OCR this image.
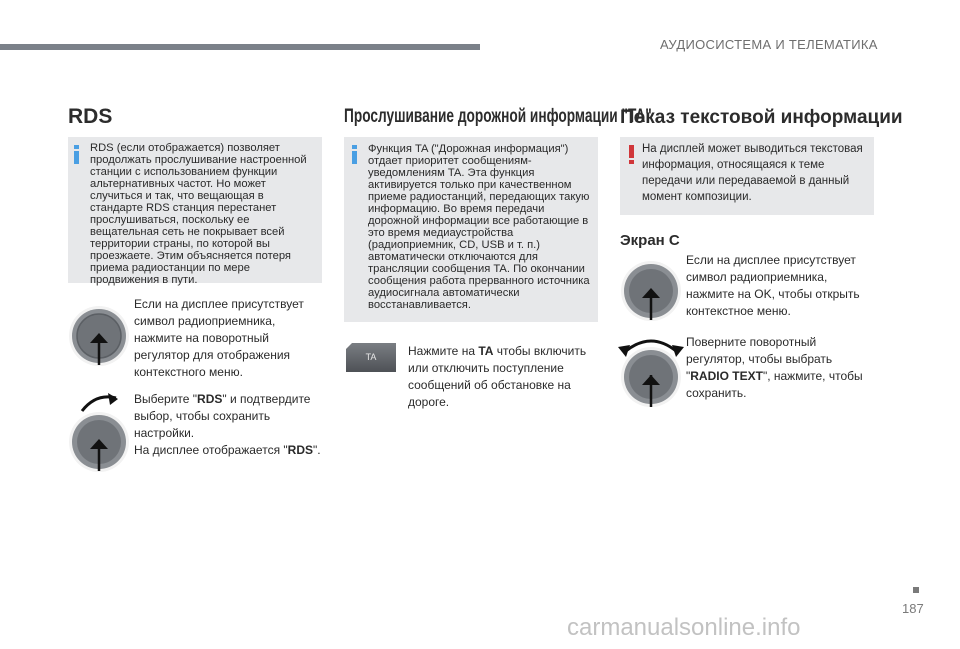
АУДИОСИСТЕМА И ТЕЛЕМАТИКА
RDS
RDS (если отображается) позволяет продолжать прослушивание настроенной станции с использованием функции альтернативных частот. Но может случиться и так, что вещающая в стандарте RDS станция перестанет прослушиваться, поскольку ее вещательная сеть не покрывает всей территории страны, по которой вы проезжаете. Этим объясняется потеря приема радиостанции по мере продвижения в пути.
Если на дисплее присутствует символ радиоприемника, нажмите на поворотный регулятор для отображения контекстного меню.
Выберите "RDS" и подтвердите выбор, чтобы сохранить настройки.
На дисплее отображается "RDS".
Прослушивание дорожной информации "TA"
Функция TA ("Дорожная информация") отдает приоритет сообщениям-уведомлениям TA. Эта функция активируется только при качественном приеме радиостанций, передающих такую информацию. Во время передачи дорожной информации все работающие в это время медиаустройства (радиоприемник, CD, USB и т. п.) автоматически отключаются для трансляции сообщения TA. По окончании сообщения работа прерванного источника аудиосигнала автоматически восстанавливается.
TA	Нажмите на TA чтобы включить или отключить поступление сообщений об обстановке на дороге.
Показ текстовой информации
На дисплей может выводиться текстовая информация, относящаяся к теме передачи или передаваемой в данный момент композиции.
Экран C
Если на дисплее присутствует символ радиоприемника, нажмите на OK, чтобы открыть контекстное меню.
Поверните поворотный регулятор, чтобы выбрать "RADIO TEXT", нажмите, чтобы сохранить.
187
carmanualsonline.info
